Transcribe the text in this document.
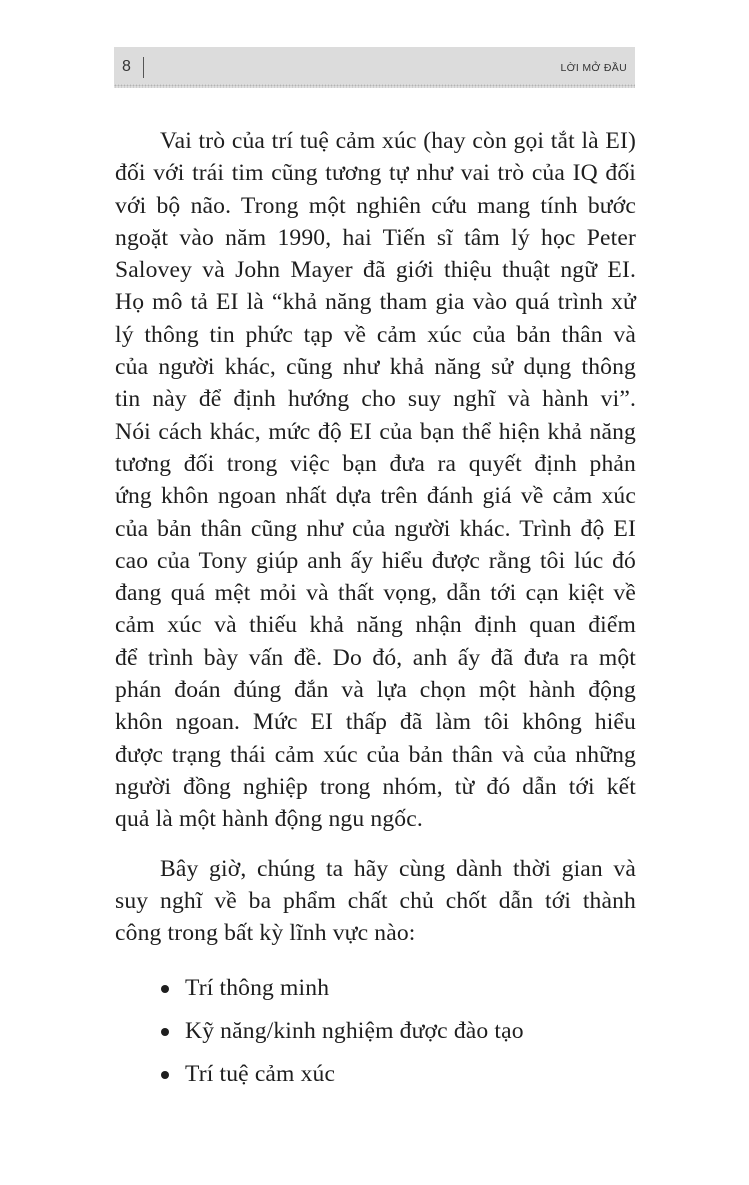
8	LỜI MỞ ĐẦU

Vai trò của trí tuệ cảm xúc (hay còn gọi tắt là EI)
đối với trái tim cũng tương tự như vai trò của IQ đối
với bộ não. Trong một nghiên cứu mang tính bước
ngoặt vào năm 1990, hai Tiến sĩ tâm lý học Peter
Salovey và John Mayer đã giới thiệu thuật ngữ EI.
Họ mô tả EI là “khả năng tham gia vào quá trình xử
lý thông tin phức tạp về cảm xúc của bản thân và
của người khác, cũng như khả năng sử dụng thông
tin này để định hướng cho suy nghĩ và hành vi”.
Nói cách khác, mức độ EI của bạn thể hiện khả năng
tương đối trong việc bạn đưa ra quyết định phản
ứng khôn ngoan nhất dựa trên đánh giá về cảm xúc
của bản thân cũng như của người khác. Trình độ EI
cao của Tony giúp anh ấy hiểu được rằng tôi lúc đó
đang quá mệt mỏi và thất vọng, dẫn tới cạn kiệt về
cảm xúc và thiếu khả năng nhận định quan điểm
để trình bày vấn đề. Do đó, anh ấy đã đưa ra một
phán đoán đúng đắn và lựa chọn một hành động
khôn ngoan. Mức EI thấp đã làm tôi không hiểu
được trạng thái cảm xúc của bản thân và của những
người đồng nghiệp trong nhóm, từ đó dẫn tới kết
quả là một hành động ngu ngốc.

Bây giờ, chúng ta hãy cùng dành thời gian và
suy nghĩ về ba phẩm chất chủ chốt dẫn tới thành
công trong bất kỳ lĩnh vực nào:

Trí thông minh
Kỹ năng/kinh nghiệm được đào tạo
Trí tuệ cảm xúc
